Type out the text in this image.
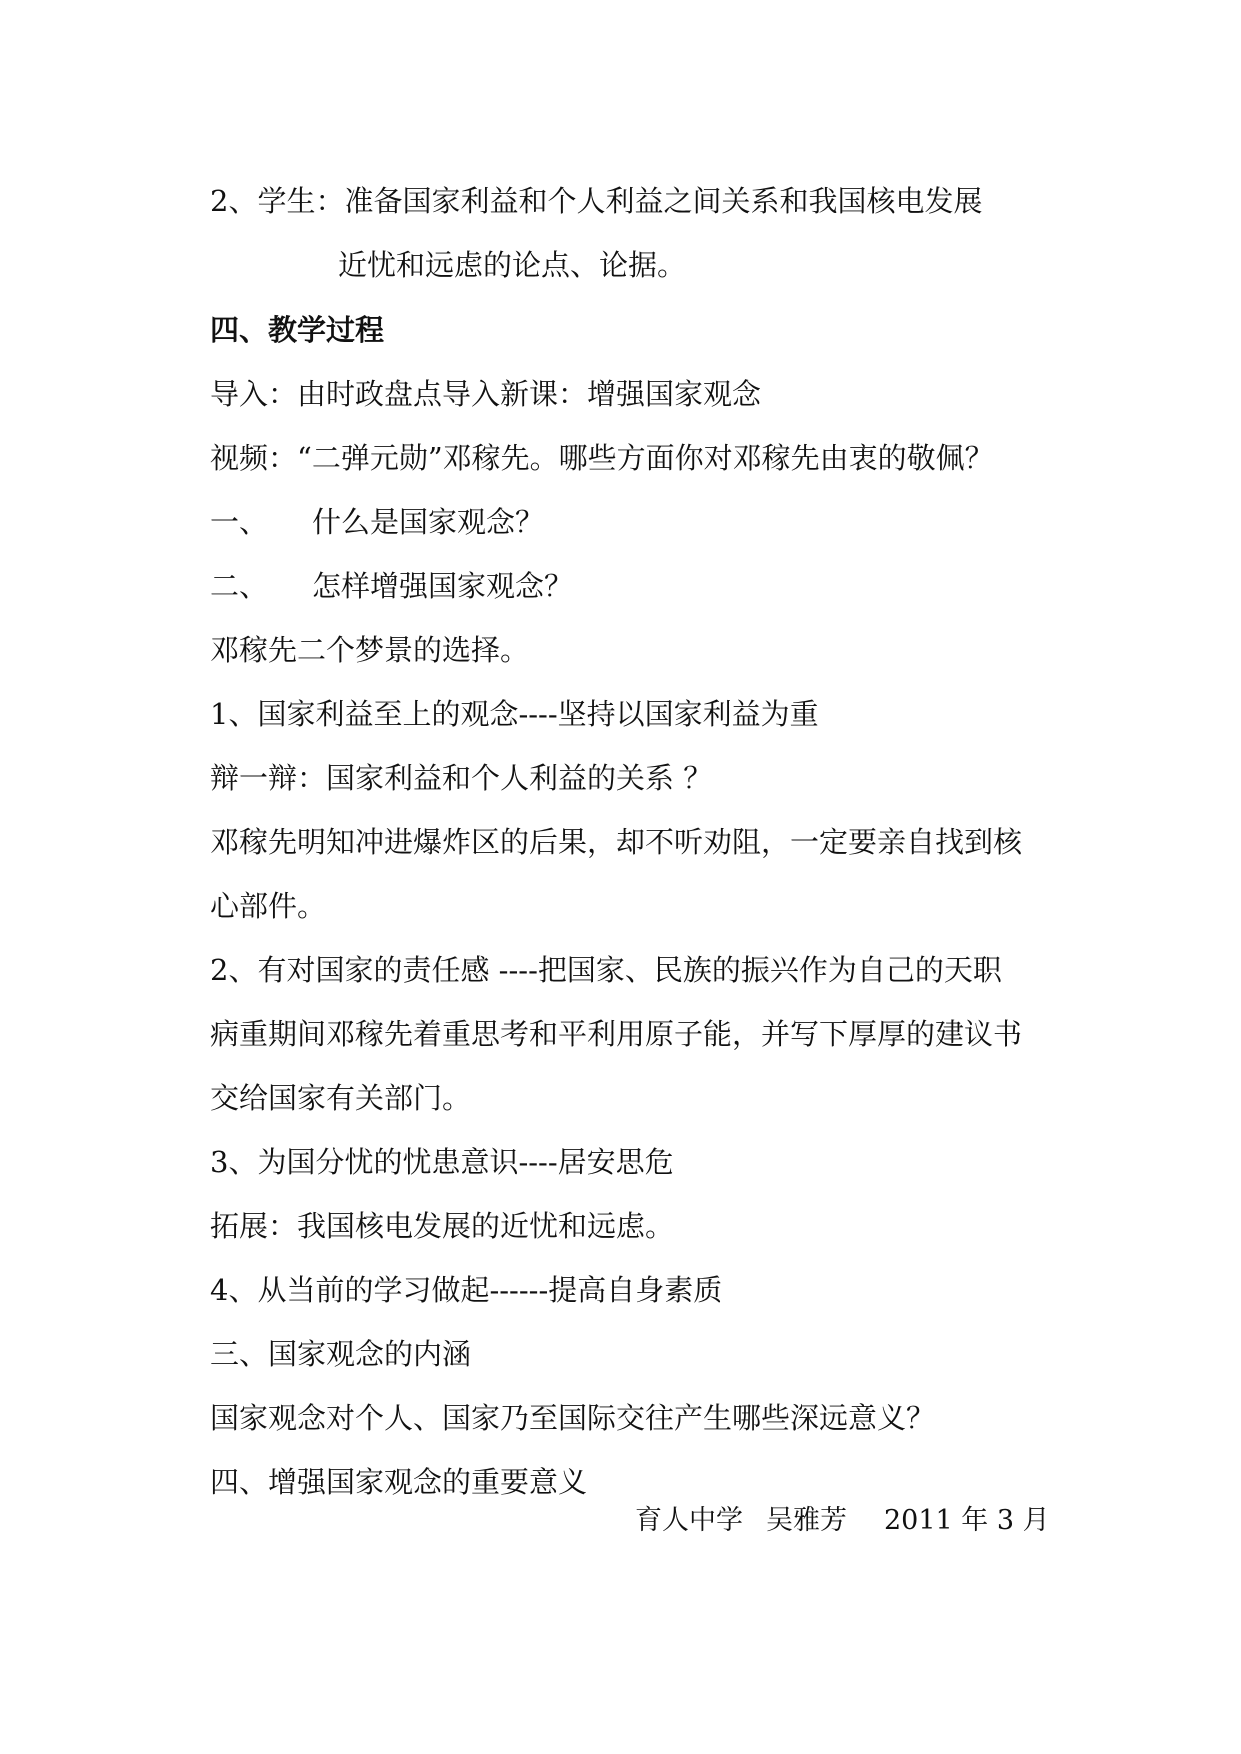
2、学生：准备国家利益和个人利益之间关系和我国核电发展
近忧和远虑的论点、论据。
四、教学过程
导入：由时政盘点导入新课：增强国家观念
视频：“二弹元勋”邓稼先。哪些方面你对邓稼先由衷的敬佩？
一、 什么是国家观念？
二、 怎样增强国家观念？
邓稼先二个梦景的选择。
1、国家利益至上的观念----坚持以国家利益为重
辩一辩：国家利益和个人利益的关系 ？
邓稼先明知冲进爆炸区的后果，却不听劝阻，一定要亲自找到核
心部件。
2、有对国家的责任感 ----把国家、民族的振兴作为自己的天职
病重期间邓稼先着重思考和平利用原子能，并写下厚厚的建议书
交给国家有关部门。
3、为国分忧的忧患意识----居安思危
拓展：我国核电发展的近忧和远虑。
4、从当前的学习做起------提高自身素质
三、国家观念的内涵
国家观念对个人、国家乃至国际交往产生哪些深远意义？
四、增强国家观念的重要意义
育人中学 吴雅芳 2011 年 3 月
